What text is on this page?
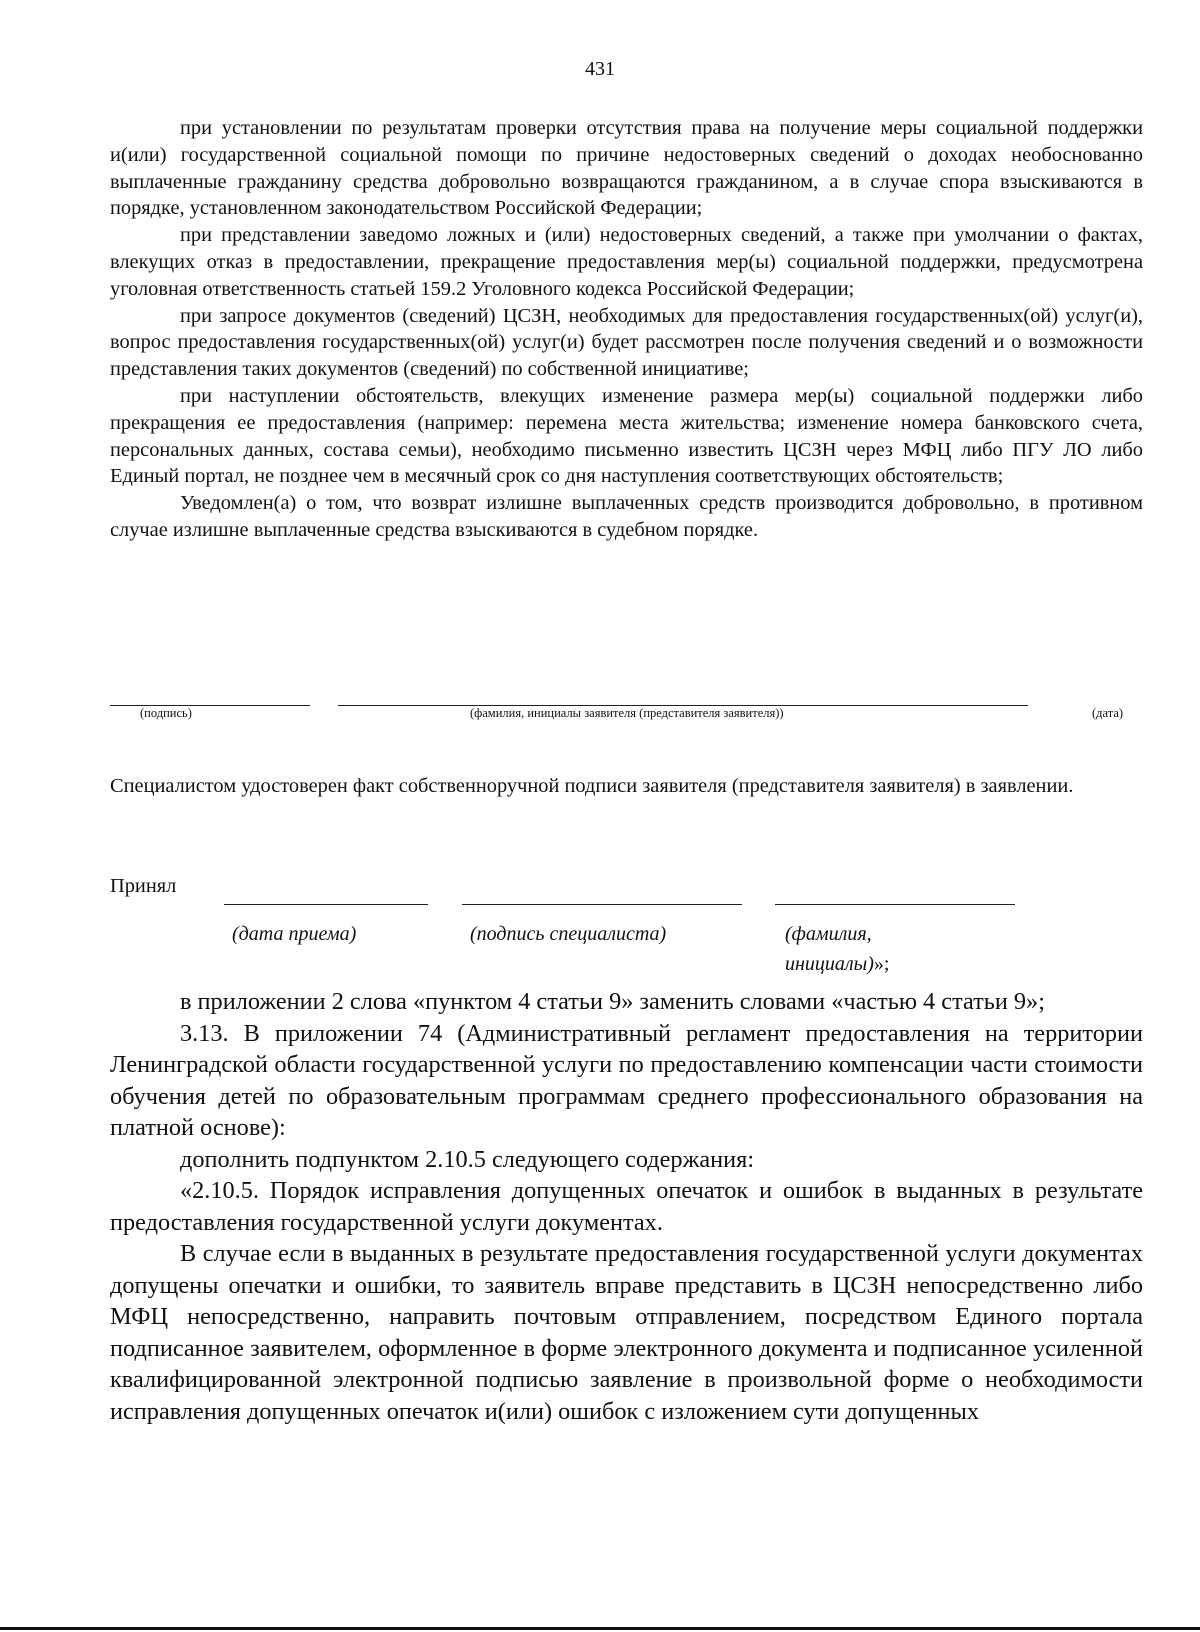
431

при установлении по результатам проверки отсутствия права на получение меры социальной поддержки и(или) государственной социальной помощи по причине недостоверных сведений о доходах необоснованно выплаченные гражданину средства добровольно возвращаются гражданином, а в случае спора взыскиваются в порядке, установленном законодательством Российской Федерации;

при представлении заведомо ложных и (или) недостоверных сведений, а также при умолчании о фактах, влекущих отказ в предоставлении, прекращение предоставления мер(ы) социальной поддержки, предусмотрена уголовная ответственность статьей 159.2 Уголовного кодекса Российской Федерации;

при запросе документов (сведений) ЦСЗН, необходимых для предоставления государственных(ой) услуг(и), вопрос предоставления государственных(ой) услуг(и) будет рассмотрен после получения сведений и о возможности представления таких документов (сведений) по собственной инициативе;

при наступлении обстоятельств, влекущих изменение размера мер(ы) социальной поддержки либо прекращения ее предоставления (например: перемена места жительства; изменение номера банковского счета, персональных данных, состава семьи), необходимо письменно известить ЦСЗН через МФЦ либо ПГУ ЛО либо Единый портал, не позднее чем в месячный срок со дня наступления соответствующих обстоятельств;

Уведомлен(а) о том, что возврат излишне выплаченных средств производится добровольно, в противном случае излишне выплаченные средства взыскиваются в судебном порядке.

(подпись)	(фамилия, инициалы заявителя (представителя заявителя))	(дата)
Специалистом удостоверен факт собственноручной подписи заявителя (представителя заявителя) в заявлении.
Принял
(дата приема)	(подпись специалиста)	(фамилия,
инициалы)»;

в приложении 2 слова «пунктом 4 статьи 9» заменить словами «частью 4 статьи 9»;

3.13. В приложении 74 (Административный регламент предоставления на территории Ленинградской области государственной услуги по предоставлению компенсации части стоимости обучения детей по образовательным программам среднего профессионального образования на платной основе):

дополнить подпунктом 2.10.5 следующего содержания:

«2.10.5. Порядок исправления допущенных опечаток и ошибок в выданных в результате предоставления государственной услуги документах.

В случае если в выданных в результате предоставления государственной услуги документах допущены опечатки и ошибки, то заявитель вправе представить в ЦСЗН непосредственно либо МФЦ непосредственно, направить почтовым отправлением, посредством Единого портала подписанное заявителем, оформленное в форме электронного документа и подписанное усиленной квалифицированной электронной подписью заявление в произвольной форме о необходимости исправления допущенных опечаток и(или) ошибок с изложением сути допущенных
